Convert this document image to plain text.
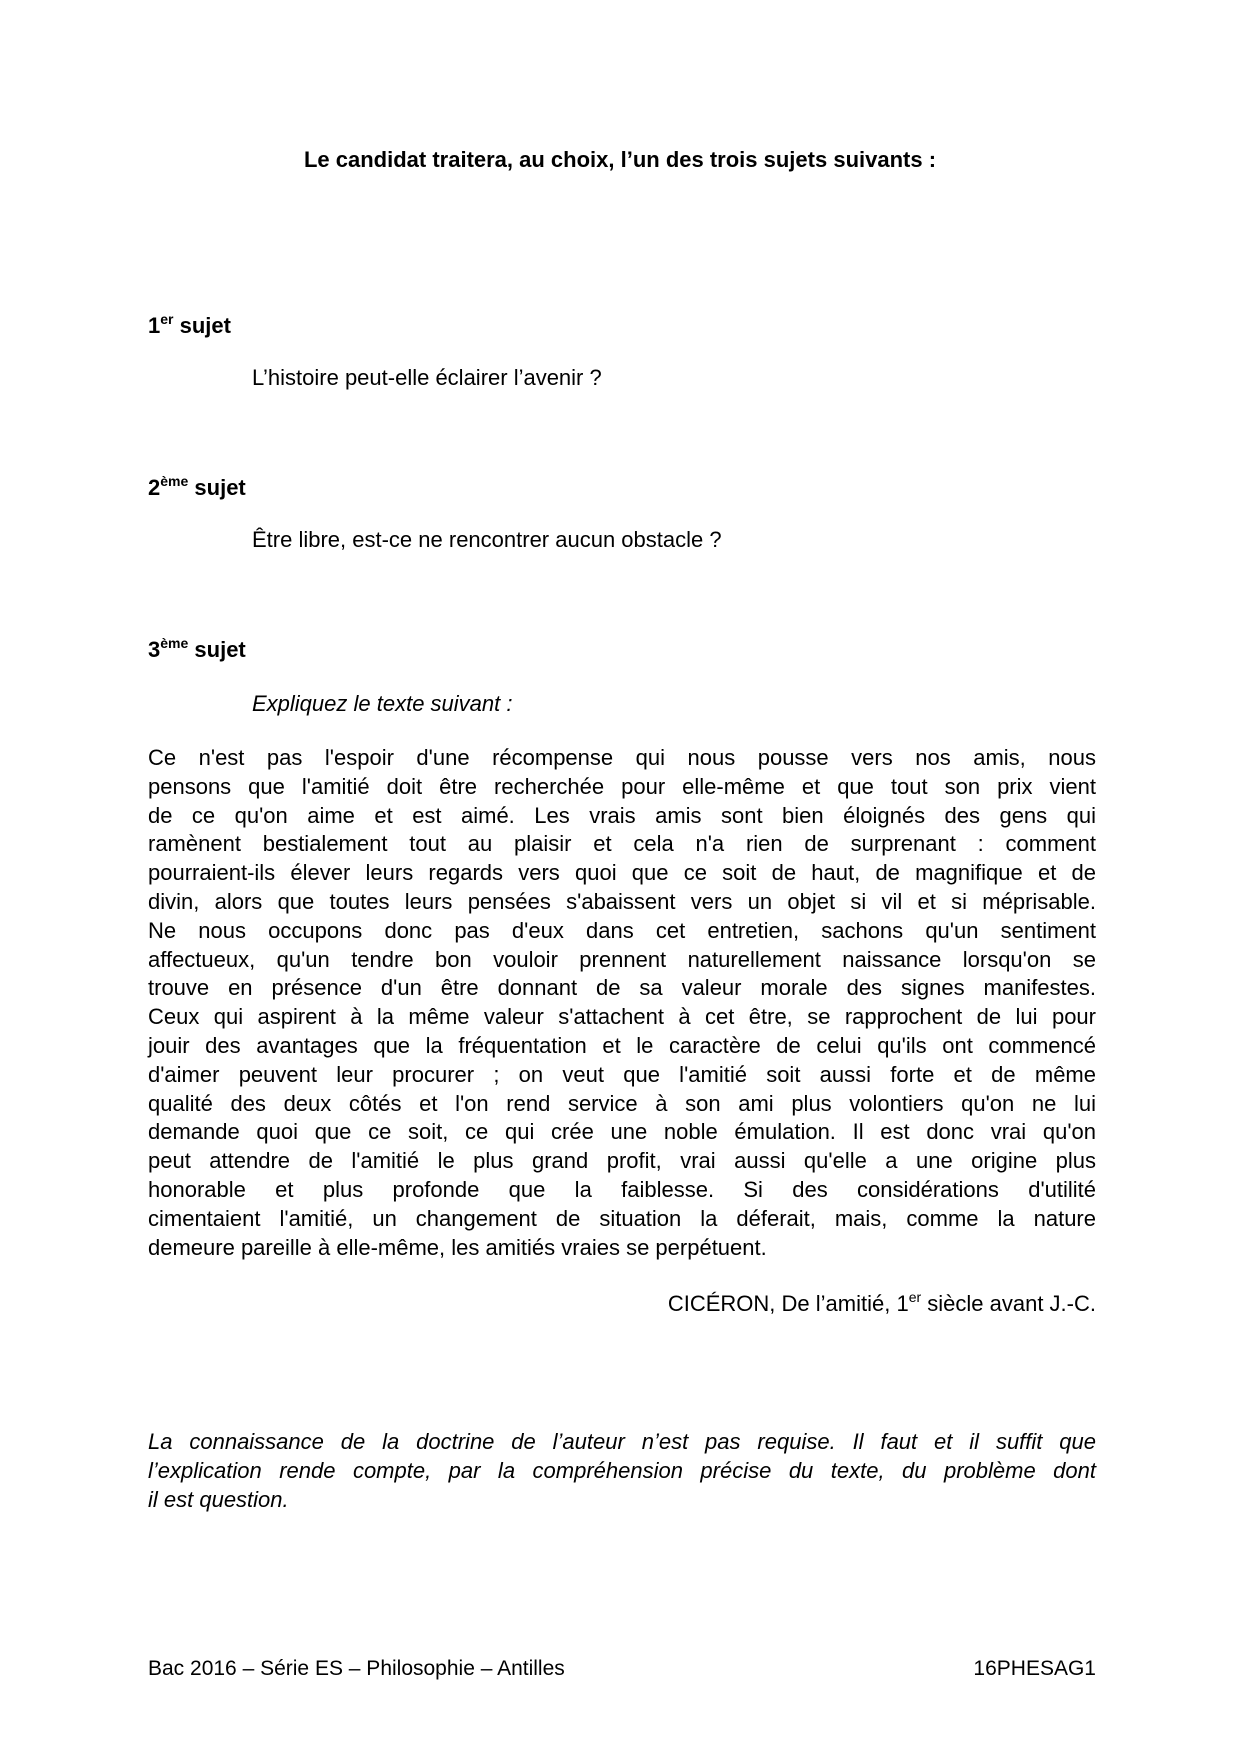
Le candidat traitera, au choix, l’un des trois sujets suivants :
1er sujet
L’histoire peut-elle éclairer l’avenir ?
2ème sujet
Être libre, est-ce ne rencontrer aucun obstacle ?
3ème sujet
Expliquez le texte suivant :
Ce n'est pas l'espoir d'une récompense qui nous pousse vers nos amis, nous
pensons que l'amitié doit être recherchée pour elle-même et que tout son prix vient
de ce qu'on aime et est aimé. Les vrais amis sont bien éloignés des gens qui
ramènent bestialement tout au plaisir et cela n'a rien de surprenant : comment
pourraient-ils élever leurs regards vers quoi que ce soit de haut, de magnifique et de
divin, alors que toutes leurs pensées s'abaissent vers un objet si vil et si méprisable.
Ne nous occupons donc pas d'eux dans cet entretien, sachons qu'un sentiment
affectueux, qu'un tendre bon vouloir prennent naturellement naissance lorsqu'on se
trouve en présence d'un être donnant de sa valeur morale des signes manifestes.
Ceux qui aspirent à la même valeur s'attachent à cet être, se rapprochent de lui pour
jouir des avantages que la fréquentation et le caractère de celui qu'ils ont commencé
d'aimer peuvent leur procurer ; on veut que l'amitié soit aussi forte et de même
qualité des deux côtés et l'on rend service à son ami plus volontiers qu'on ne lui
demande quoi que ce soit, ce qui crée une noble émulation. Il est donc vrai qu'on
peut attendre de l'amitié le plus grand profit, vrai aussi qu'elle a une origine plus
honorable et plus profonde que la faiblesse. Si des considérations d'utilité
cimentaient l'amitié, un changement de situation la déferait, mais, comme la nature
demeure pareille à elle-même, les amitiés vraies se perpétuent.
CICÉRON, De l’amitié, 1er siècle avant J.-C.
La connaissance de la doctrine de l’auteur n’est pas requise. Il faut et il suffit que
l’explication rende compte, par la compréhension précise du texte, du problème dont
il est question.
Bac 2016 – Série ES – Philosophie – Antilles	16PHESAG1
